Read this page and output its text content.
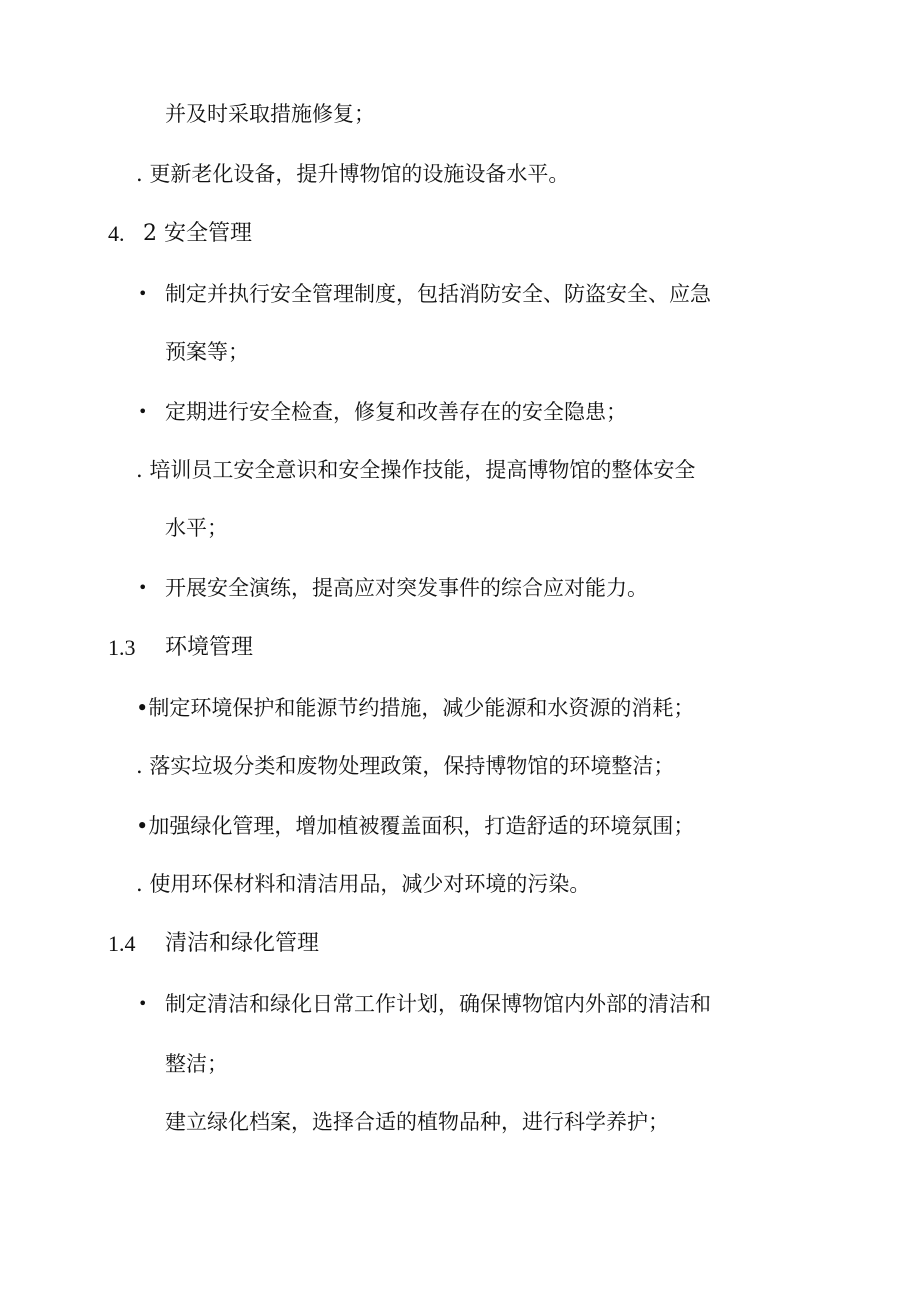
并及时采取措施修复；
. 更新老化设备，提升博物馆的设施设备水平。
4. 2 安全管理
• 制定并执行安全管理制度，包括消防安全、防盗安全、应急
预案等；
• 定期进行安全检查，修复和改善存在的安全隐患；
. 培训员工安全意识和安全操作技能，提高博物馆的整体安全
水平；
• 开展安全演练，提高应对突发事件的综合应对能力。
1.3 环境管理
•制定环境保护和能源节约措施，减少能源和水资源的消耗；
. 落实垃圾分类和废物处理政策，保持博物馆的环境整洁；
•加强绿化管理，增加植被覆盖面积，打造舒适的环境氛围；
. 使用环保材料和清洁用品，减少对环境的污染。
1.4 清洁和绿化管理
• 制定清洁和绿化日常工作计划，确保博物馆内外部的清洁和
整洁；
建立绿化档案，选择合适的植物品种，进行科学养护；
